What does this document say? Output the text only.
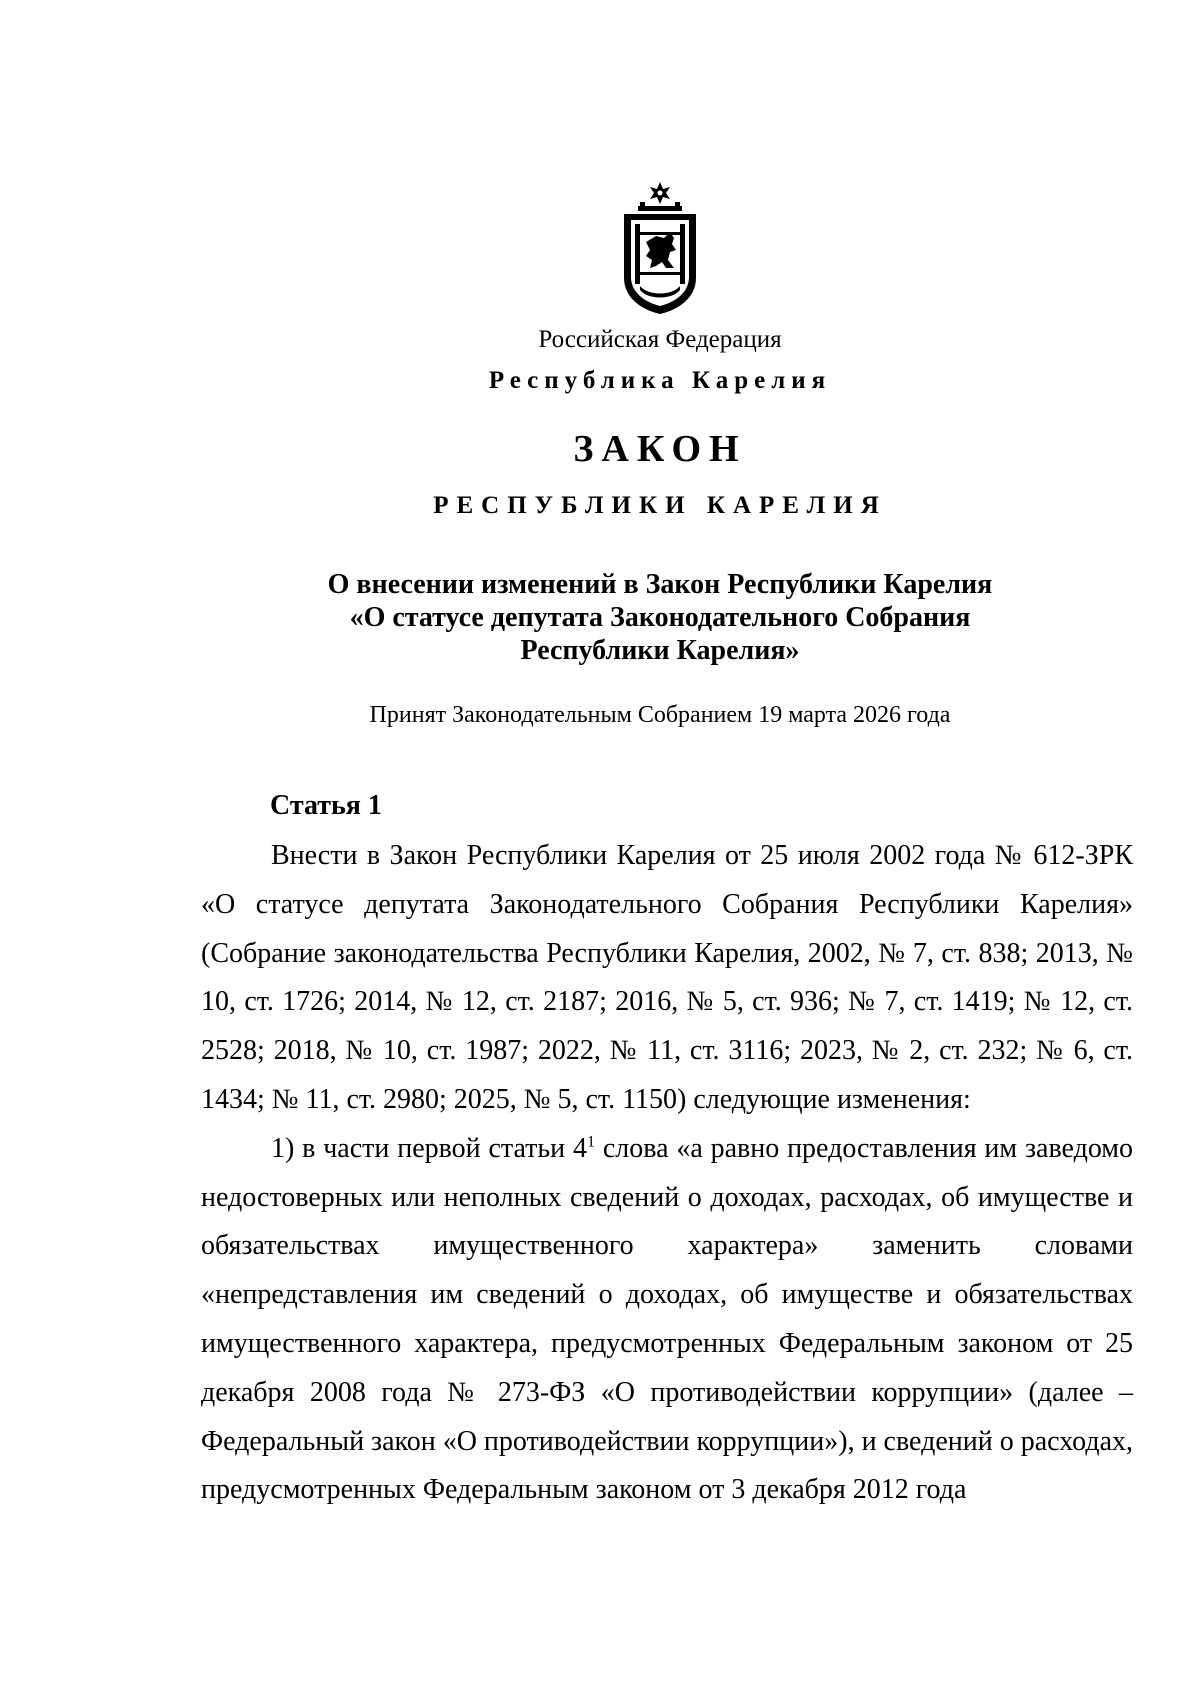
Российская Федерация
Республика Карелия
ЗАКОН
РЕСПУБЛИКИ КАРЕЛИЯ
О внесении изменений в Закон Республики Карелия
«О статусе депутата Законодательного Собрания
Республики Карелия»
Принят Законодательным Собранием 19 марта 2026 года
Статья 1

Внести в Закон Республики Карелия от 25 июля 2002 года № 612-ЗРК «О статусе депутата Законодательного Собрания Республики Карелия» (Собрание законодательства Республики Карелия, 2002, № 7, ст. 838; 2013, № 10, ст. 1726; 2014, № 12, ст. 2187; 2016, № 5, ст. 936; № 7, ст. 1419; № 12, ст. 2528; 2018, № 10, ст. 1987; 2022, № 11, ст. 3116; 2023, № 2, ст. 232; № 6, ст. 1434; № 11, ст. 2980; 2025, № 5, ст. 1150) следующие изменения:

1) в части первой статьи $4^1$ слова «а равно предоставления им заведомо недостоверных или неполных сведений о доходах, расходах, об имуществе и обязательствах имущественного характера» заменить словами «непредставления им сведений о доходах, об имуществе и обязательствах имущественного характера, предусмотренных Федеральным законом от 25 декабря 2008 года № 273-ФЗ «О противодействии коррупции» (далее – Федеральный закон «О противодействии коррупции»), и сведений о расходах, предусмотренных Федеральным законом от 3 декабря 2012 года
